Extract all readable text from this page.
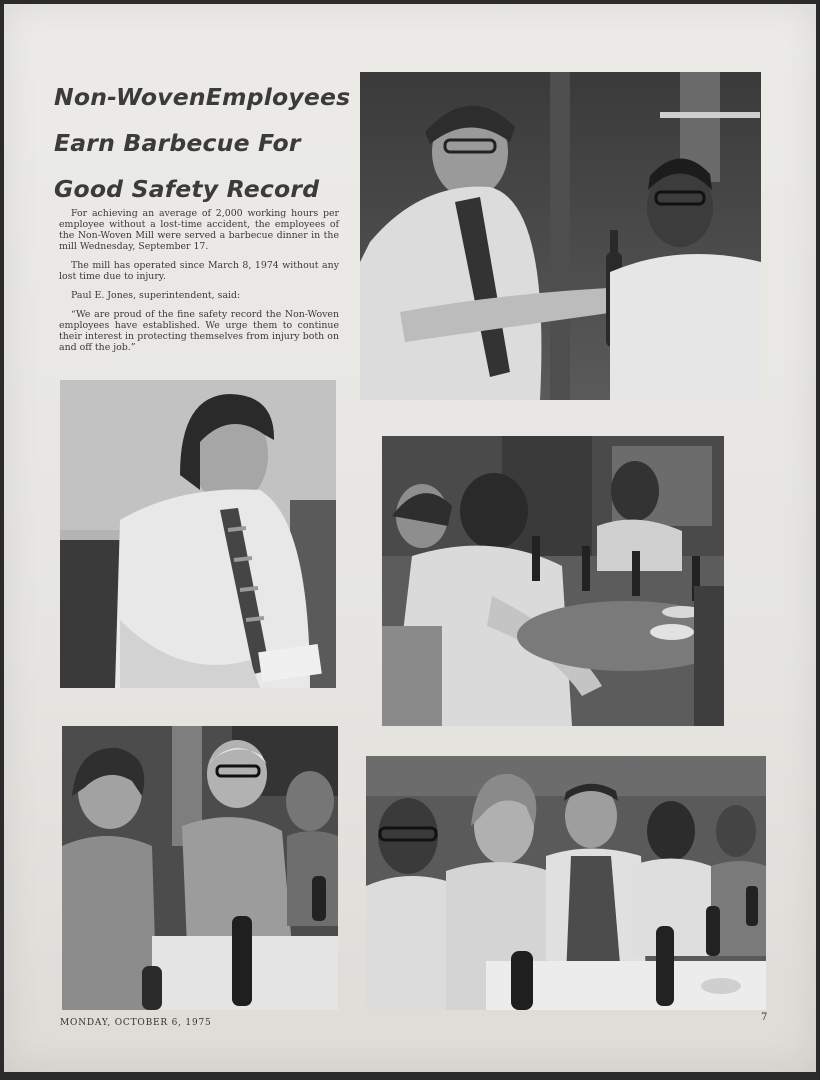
Non-WovenEmployees
Earn Barbecue For
Good Safety Record

For achieving an average of 2,000 working hours per employee without a lost-time accident, the employees of the Non-Woven Mill were served a barbecue dinner in the mill Wednesday, September 17.

The mill has operated since March 8, 1974 without any lost time due to injury.

Paul E. Jones, superintendent, said:

“We are proud of the fine safety record the Non-Woven employees have established. We urge them to continue their interest in protecting themselves from injury both on and off the job.”

MONDAY, OCTOBER 6, 1975	7
